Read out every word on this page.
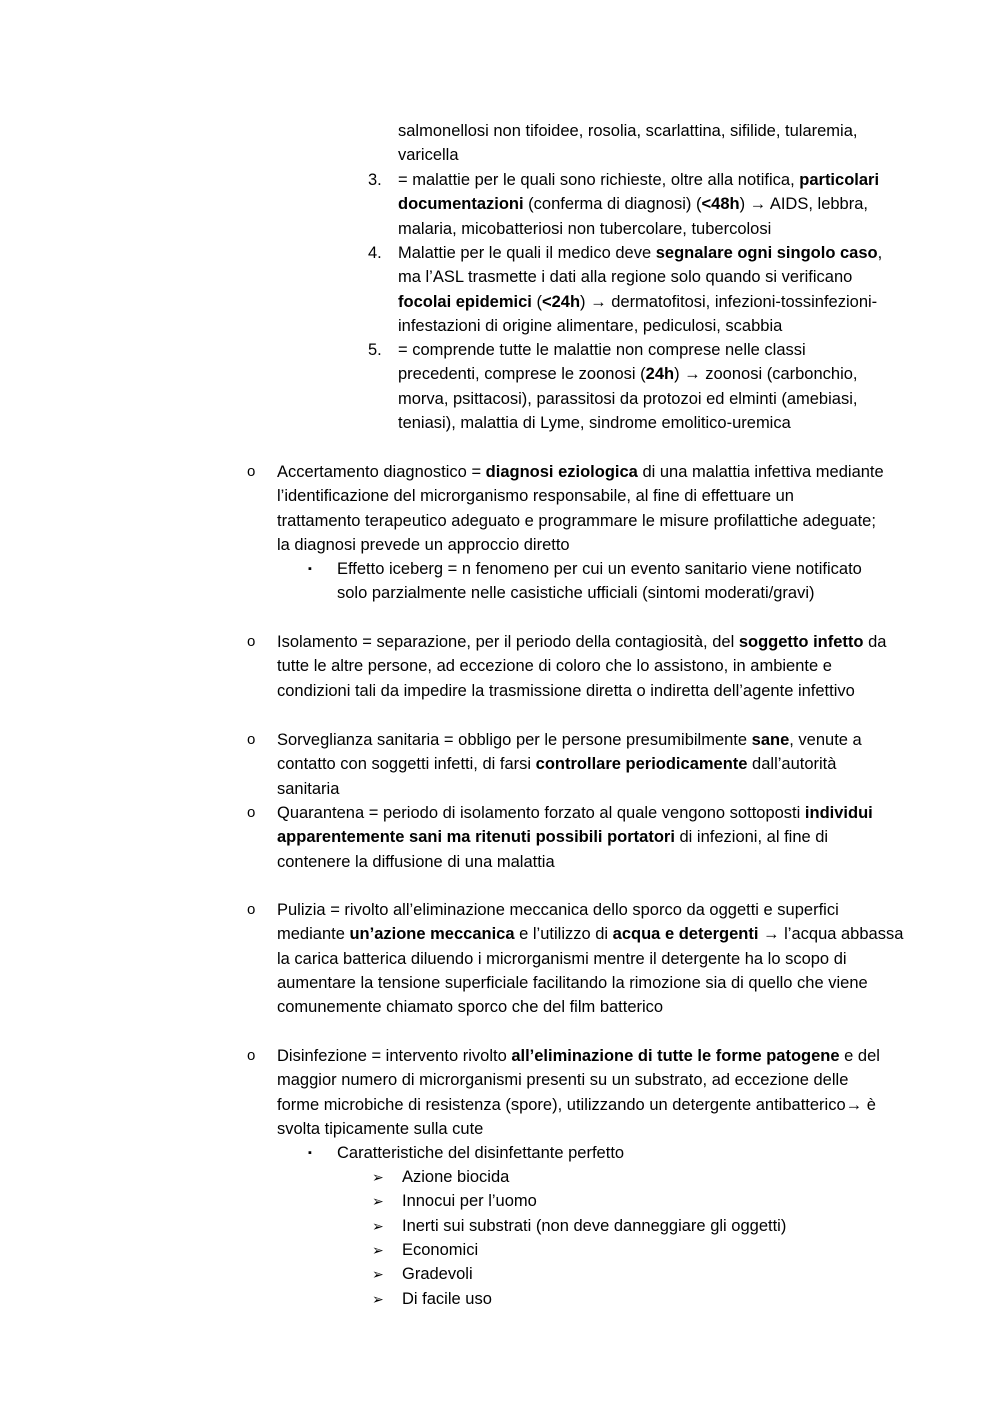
salmonellosi non tifoidee, rosolia, scarlattina, sifilide, tularemia,
varicella
3. = malattie per le quali sono richieste, oltre alla notifica, particolari
documentazioni (conferma di diagnosi) (<48h) → AIDS, lebbra,
malaria, micobatteriosi non tubercolare, tubercolosi
4. Malattie per le quali il medico deve segnalare ogni singolo caso,
ma l’ASL trasmette i dati alla regione solo quando si verificano
focolai epidemici (<24h) → dermatofitosi, infezioni-tossinfezioni-
infestazioni di origine alimentare, pediculosi, scabbia
5. = comprende tutte le malattie non comprese nelle classi
precedenti, comprese le zoonosi (24h) → zoonosi (carbonchio,
morva, psittacosi), parassitosi da protozoi ed elminti (amebiasi,
teniasi), malattia di Lyme, sindrome emolitico-uremica
o Accertamento diagnostico = diagnosi eziologica di una malattia infettiva mediante
l’identificazione del microrganismo responsabile, al fine di effettuare un
trattamento terapeutico adeguato e programmare le misure profilattiche adeguate;
la diagnosi prevede un approccio diretto
o Isolamento = separazione, per il periodo della contagiosità, del soggetto infetto da
tutte le altre persone, ad eccezione di coloro che lo assistono, in ambiente e
condizioni tali da impedire la trasmissione diretta o indiretta dell’agente infettivo
o Sorveglianza sanitaria = obbligo per le persone presumibilmente sane, venute a
contatto con soggetti infetti, di farsi controllare periodicamente dall’autorità
sanitaria
o Quarantena = periodo di isolamento forzato al quale vengono sottoposti individui
apparentemente sani ma ritenuti possibili portatori di infezioni, al fine di
contenere la diffusione di una malattia
o Pulizia = rivolto all’eliminazione meccanica dello sporco da oggetti e superfici
mediante un’azione meccanica e l’utilizzo di acqua e detergenti → l’acqua abbassa
la carica batterica diluendo i microrganismi mentre il detergente ha lo scopo di
aumentare la tensione superficiale facilitando la rimozione sia di quello che viene
comunemente chiamato sporco che del film batterico
o Disinfezione = intervento rivolto all’eliminazione di tutte le forme patogene e del
maggior numero di microrganismi presenti su un substrato, ad eccezione delle
forme microbiche di resistenza (spore), utilizzando un detergente antibatterico→ è
svolta tipicamente sulla cute
▪ Effetto iceberg = n fenomeno per cui un evento sanitario viene notificato
solo parzialmente nelle casistiche ufficiali (sintomi moderati/gravi)
▪ Caratteristiche del disinfettante perfetto
➢ Azione biocida
➢ Innocui per l’uomo
➢ Inerti sui substrati (non deve danneggiare gli oggetti)
➢ Economici
➢ Gradevoli
➢ Di facile uso
